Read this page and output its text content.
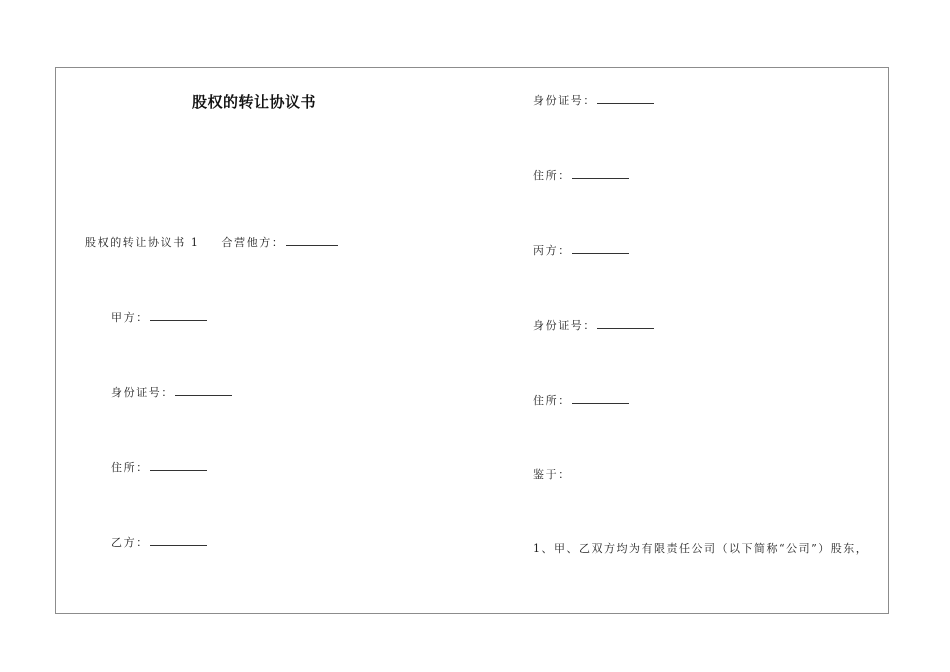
股权的转让协议书
股权的转让协议书 1 合营他方：
甲方：
身份证号：
住所：
乙方：
身份证号：
住所：
丙方：
身份证号：
住所：
鉴于：
1、甲、乙双方均为有限责任公司（以下简称“公司”）股东，
